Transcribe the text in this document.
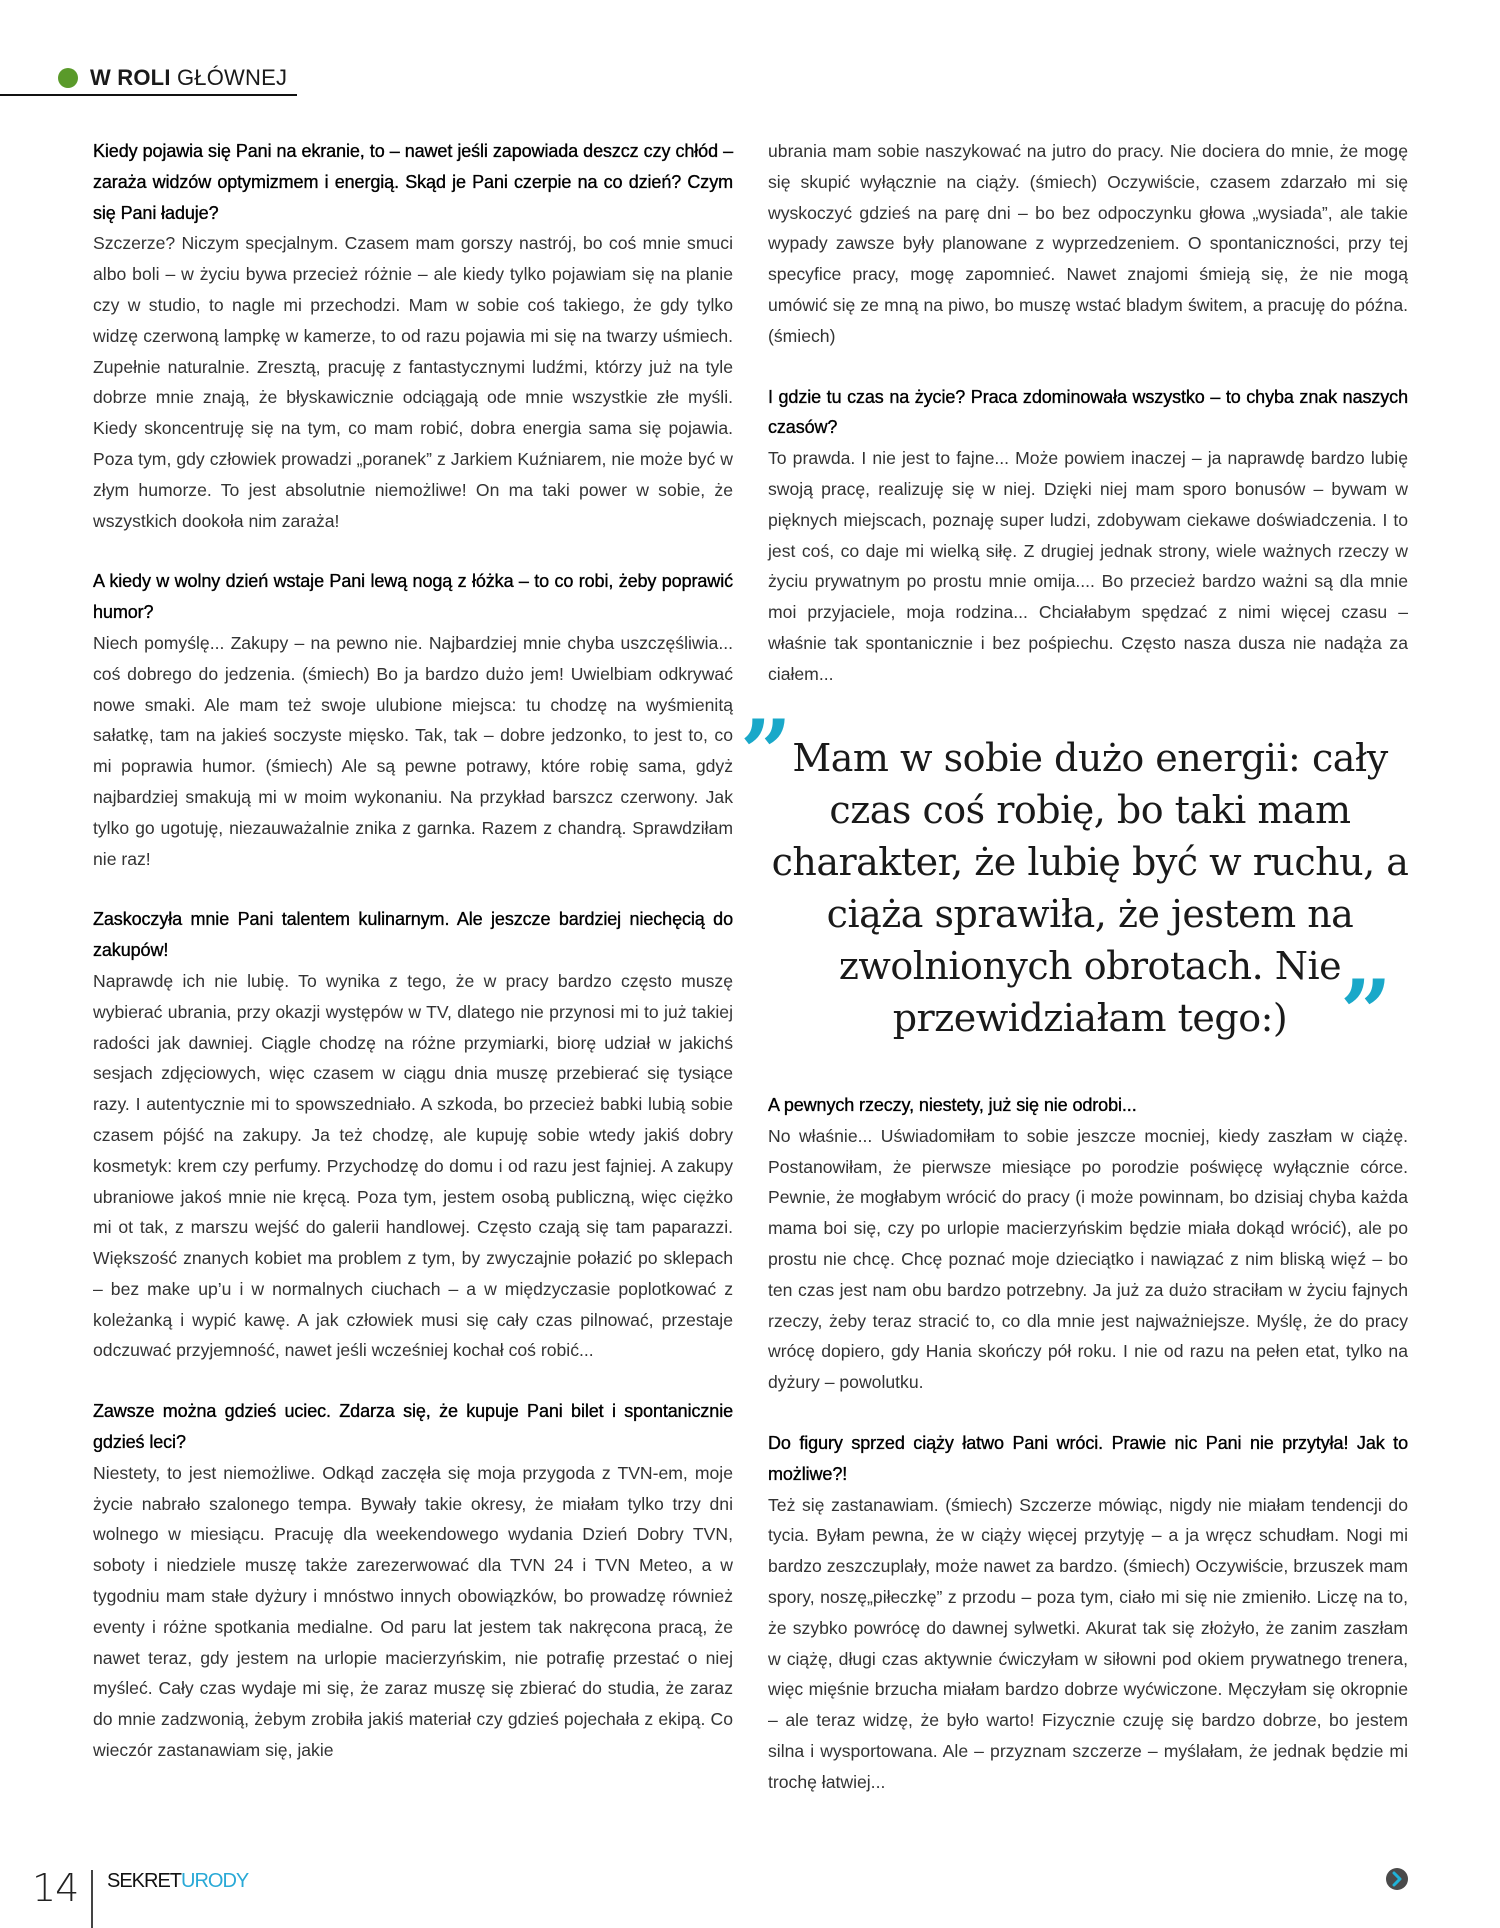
W ROLI GŁÓWNEJ

Kiedy pojawia się Pani na ekranie, to – nawet jeśli zapowiada deszcz czy chłód – zaraża widzów optymizmem i energią. Skąd je Pani czerpie na co dzień? Czym się Pani ładuje?

Szczerze? Niczym specjalnym. Czasem mam gorszy nastrój, bo coś mnie smuci albo boli – w życiu bywa przecież różnie – ale kiedy tylko pojawiam się na planie czy w studio, to nagle mi przechodzi. Mam w sobie coś takiego, że gdy tylko widzę czerwoną lampkę w kamerze, to od razu pojawia mi się na twarzy uśmiech. Zupełnie naturalnie. Zresztą, pracuję z fantastycznymi ludźmi, którzy już na tyle dobrze mnie znają, że błyskawicznie odciągają ode mnie wszystkie złe myśli. Kiedy skoncentruję się na tym, co mam robić, dobra energia sama się pojawia. Poza tym, gdy człowiek prowadzi „poranek” z Jarkiem Kuźniarem, nie może być w złym humorze. To jest absolutnie niemożliwe! On ma taki power w sobie, że wszystkich dookoła nim zaraża!

A kiedy w wolny dzień wstaje Pani lewą nogą z łóżka – to co robi, żeby poprawić humor?

Niech pomyślę... Zakupy – na pewno nie. Najbardziej mnie chyba uszczęśliwia... coś dobrego do jedzenia. (śmiech) Bo ja bardzo dużo jem! Uwielbiam odkrywać nowe smaki. Ale mam też swoje ulubione miejsca: tu chodzę na wyśmienitą sałatkę, tam na jakieś soczyste mięsko. Tak, tak – dobre jedzonko, to jest to, co mi poprawia humor. (śmiech) Ale są pewne potrawy, które robię sama, gdyż najbardziej smakują mi w moim wykonaniu. Na przykład barszcz czerwony. Jak tylko go ugotuję, niezauważalnie znika z garnka. Razem z chandrą. Sprawdziłam nie raz!

Zaskoczyła mnie Pani talentem kulinarnym. Ale jeszcze bardziej niechęcią do zakupów!

Naprawdę ich nie lubię. To wynika z tego, że w pracy bardzo często muszę wybierać ubrania, przy okazji występów w TV, dlatego nie przynosi mi to już takiej radości jak dawniej. Ciągle chodzę na różne przymiarki, biorę udział w jakichś sesjach zdjęciowych, więc czasem w ciągu dnia muszę przebierać się tysiące razy. I autentycznie mi to spowszedniało. A szkoda, bo przecież babki lubią sobie czasem pójść na zakupy. Ja też chodzę, ale kupuję sobie wtedy jakiś dobry kosmetyk: krem czy perfumy. Przychodzę do domu i od razu jest fajniej. A zakupy ubraniowe jakoś mnie nie kręcą. Poza tym, jestem osobą publiczną, więc ciężko mi ot tak, z marszu wejść do galerii handlowej. Często czają się tam paparazzi. Większość znanych kobiet ma problem z tym, by zwyczajnie połazić po sklepach – bez make up’u i w normalnych ciuchach – a w międzyczasie poplotkować z koleżanką i wypić kawę. A jak człowiek musi się cały czas pilnować, przestaje odczuwać przyjemność, nawet jeśli wcześniej kochał coś robić...

Zawsze można gdzieś uciec. Zdarza się, że kupuje Pani bilet i spontanicznie gdzieś leci?

Niestety, to jest niemożliwe. Odkąd zaczęła się moja przygoda z TVN-em, moje życie nabrało szalonego tempa. Bywały takie okresy, że miałam tylko trzy dni wolnego w miesiącu. Pracuję dla weekendowego wydania Dzień Dobry TVN, soboty i niedziele muszę także zarezerwować dla TVN 24 i TVN Meteo, a w tygodniu mam stałe dyżury i mnóstwo innych obowiązków, bo prowadzę również eventy i różne spotkania medialne. Od paru lat jestem tak nakręcona pracą, że nawet teraz, gdy jestem na urlopie macierzyńskim, nie potrafię przestać o niej myśleć. Cały czas wydaje mi się, że zaraz muszę się zbierać do studia, że zaraz do mnie zadzwonią, żebym zrobiła jakiś materiał czy gdzieś pojechała z ekipą. Co wieczór zastanawiam się, jakie

ubrania mam sobie naszykować na jutro do pracy. Nie dociera do mnie, że mogę się skupić wyłącznie na ciąży. (śmiech) Oczywiście, czasem zdarzało mi się wyskoczyć gdzieś na parę dni – bo bez odpoczynku głowa „wysiada”, ale takie wypady zawsze były planowane z wyprzedzeniem. O spontaniczności, przy tej specyfice pracy, mogę zapomnieć. Nawet znajomi śmieją się, że nie mogą umówić się ze mną na piwo, bo muszę wstać bladym świtem, a pracuję do późna. (śmiech)

I gdzie tu czas na życie? Praca zdominowała wszystko – to chyba znak naszych czasów?

To prawda. I nie jest to fajne... Może powiem inaczej – ja naprawdę bardzo lubię swoją pracę, realizuję się w niej. Dzięki niej mam sporo bonusów – bywam w pięknych miejscach, poznaję super ludzi, zdobywam ciekawe doświadczenia. I to jest coś, co daje mi wielką siłę. Z drugiej jednak strony, wiele ważnych rzeczy w życiu prywatnym po prostu mnie omija.... Bo przecież bardzo ważni są dla mnie moi przyjaciele, moja rodzina... Chciałabym spędzać z nimi więcej czasu – właśnie tak spontanicznie i bez pośpiechu. Często nasza dusza nie nadąża za ciałem...

” Mam w sobie dużo energii: cały czas coś robię, bo taki mam charakter, że lubię być w ruchu, a ciąża sprawiła, że jestem na zwolnionych obrotach. Nie przewidziałam tego:) ”

A pewnych rzeczy, niestety, już się nie odrobi...

No właśnie... Uświadomiłam to sobie jeszcze mocniej, kiedy zaszłam w ciążę. Postanowiłam, że pierwsze miesiące po porodzie poświęcę wyłącznie córce. Pewnie, że mogłabym wrócić do pracy (i może powinnam, bo dzisiaj chyba każda mama boi się, czy po urlopie macierzyńskim będzie miała dokąd wrócić), ale po prostu nie chcę. Chcę poznać moje dzieciątko i nawiązać z nim bliską więź – bo ten czas jest nam obu bardzo potrzebny. Ja już za dużo straciłam w życiu fajnych rzeczy, żeby teraz stracić to, co dla mnie jest najważniejsze. Myślę, że do pracy wrócę dopiero, gdy Hania skończy pół roku. I nie od razu na pełen etat, tylko na dyżury – powolutku.

Do figury sprzed ciąży łatwo Pani wróci. Prawie nic Pani nie przytyła! Jak to możliwe?!

Też się zastanawiam. (śmiech) Szczerze mówiąc, nigdy nie miałam tendencji do tycia. Byłam pewna, że w ciąży więcej przytyję – a ja wręcz schudłam. Nogi mi bardzo zeszczuplały, może nawet za bardzo. (śmiech) Oczywiście, brzuszek mam spory, noszę„piłeczkę” z przodu – poza tym, ciało mi się nie zmieniło. Liczę na to, że szybko powrócę do dawnej sylwetki. Akurat tak się złożyło, że zanim zaszłam w ciążę, długi czas aktywnie ćwiczyłam w siłowni pod okiem prywatnego trenera, więc mięśnie brzucha miałam bardzo dobrze wyćwiczone. Męczyłam się okropnie – ale teraz widzę, że było warto! Fizycznie czuję się bardzo dobrze, bo jestem silna i wysportowana. Ale – przyznam szczerze – myślałam, że jednak będzie mi trochę łatwiej...

14 SEKRETURODY
